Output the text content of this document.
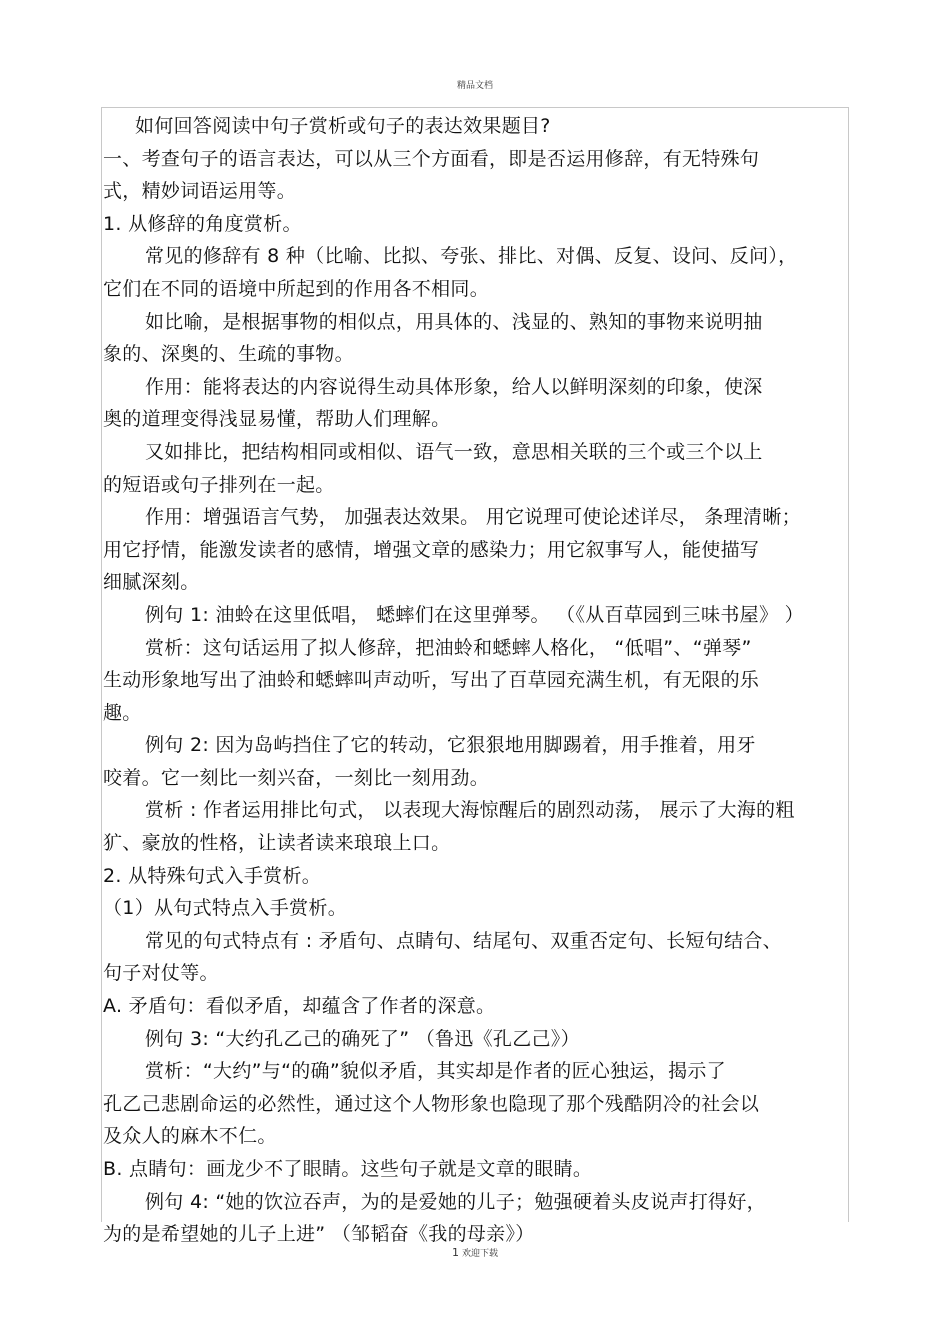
精品文档

如何回答阅读中句子赏析或句子的表达效果题目?

一、考查句子的语言表达，可以从三个方面看，即是否运用修辞，有无特殊句

式，精妙词语运用等。

1. 从修辞的角度赏析。

常见的修辞有 8 种（比喻、比拟、夸张、排比、对偶、反复、设问、反问），

它们在不同的语境中所起到的作用各不相同。

如比喻，是根据事物的相似点，用具体的、浅显的、熟知的事物来说明抽

象的、深奥的、生疏的事物。

作用：能将表达的内容说得生动具体形象，给人以鲜明深刻的印象，使深

奥的道理变得浅显易懂，帮助人们理解。

又如排比，把结构相同或相似、语气一致，意思相关联的三个或三个以上

的短语或句子排列在一起。

作用：增强语言气势， 加强表达效果。 用它说理可使论述详尽， 条理清晰；

用它抒情，能激发读者的感情，增强文章的感染力；用它叙事写人，能使描写

细腻深刻。

例句 1: 油蛉在这里低唱， 蟋蟀们在这里弹琴。 （《从百草园到三味书屋》 ）

赏析：这句话运用了拟人修辞，把油蛉和蟋蟀人格化， “低唱”、“弹琴”

生动形象地写出了油蛉和蟋蟀叫声动听，写出了百草园充满生机，有无限的乐

趣。

例句 2: 因为岛屿挡住了它的转动，它狠狠地用脚踢着，用手推着，用牙

咬着。它一刻比一刻兴奋，一刻比一刻用劲。

赏析 : 作者运用排比句式， 以表现大海惊醒后的剧烈动荡， 展示了大海的粗

犷、豪放的性格，让读者读来琅琅上口。

2. 从特殊句式入手赏析。

（1）从句式特点入手赏析。

常见的句式特点有 : 矛盾句、点睛句、结尾句、双重否定句、长短句结合、

句子对仗等。

A. 矛盾句：看似矛盾，却蕴含了作者的深意。

例句 3: “大约孔乙己的确死了” （鲁迅《孔乙己》）

赏析：“大约”与“的确”貌似矛盾，其实却是作者的匠心独运，揭示了

孔乙己悲剧命运的必然性，通过这个人物形象也隐现了那个残酷阴冷的社会以

及众人的麻木不仁。

B. 点睛句：画龙少不了眼睛。这些句子就是文章的眼睛。

例句 4: “她的饮泣吞声，为的是爱她的儿子；勉强硬着头皮说声打得好，

为的是希望她的儿子上进” （邹韬奋《我的母亲》）

1 欢迎下载
